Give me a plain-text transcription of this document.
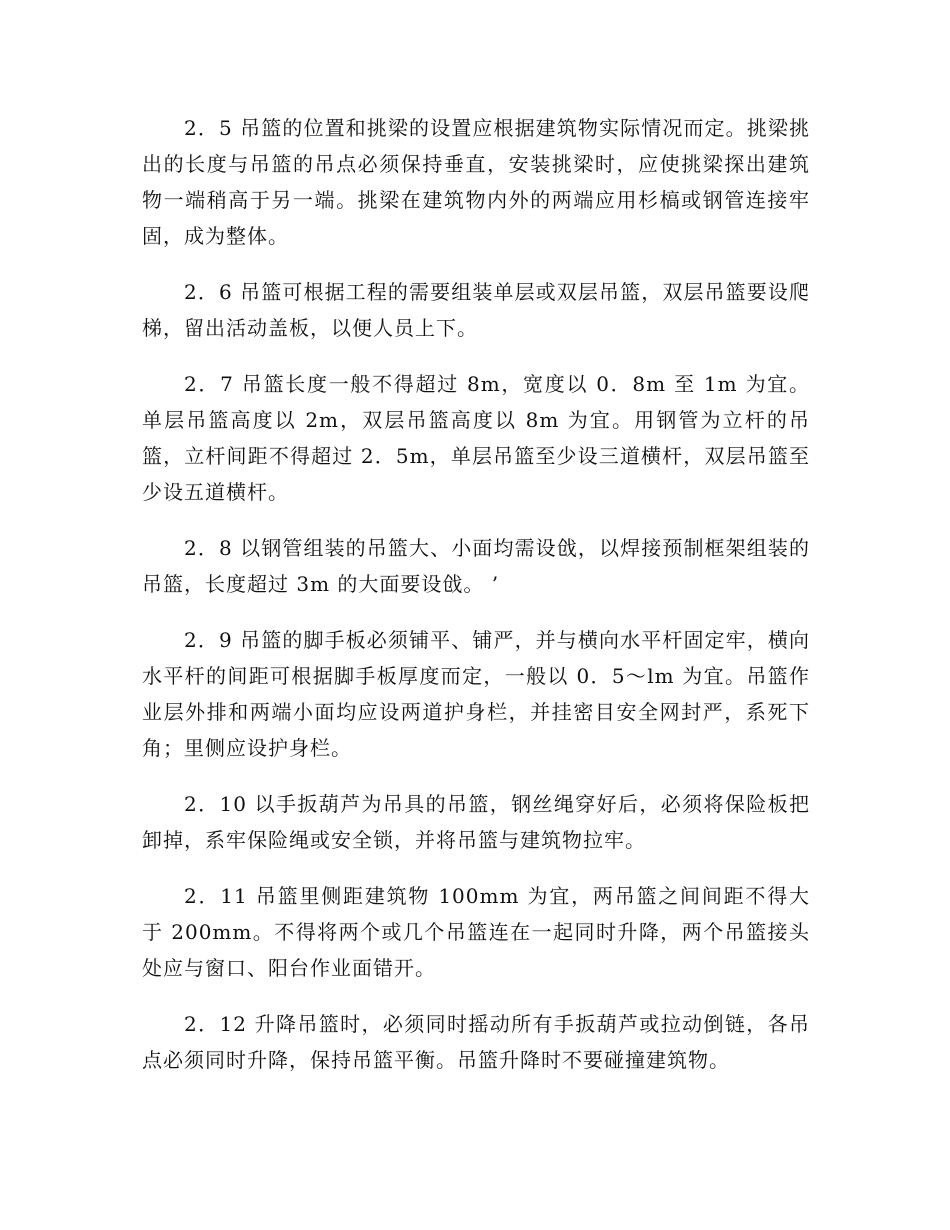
2．5 吊篮的位置和挑梁的设置应根据建筑物实际情况而定。挑梁挑出的长度与吊篮的吊点必须保持垂直，安装挑梁时，应使挑梁探出建筑物一端稍高于另一端。挑梁在建筑物内外的两端应用杉槁或钢管连接牢固，成为整体。

2．6 吊篮可根据工程的需要组装单层或双层吊篮，双层吊篮要设爬梯，留出活动盖板，以便人员上下。

2．7 吊篮长度一般不得超过 8m，宽度以 0．8m 至 1m 为宜。单层吊篮高度以 2m，双层吊篮高度以 8m 为宜。用钢管为立杆的吊篮，立杆间距不得超过 2．5m，单层吊篮至少设三道横杆，双层吊篮至少设五道横杆。

2．8 以钢管组装的吊篮大、小面均需设戗，以焊接预制框架组装的吊篮，长度超过 3m 的大面要设戗。 ’

2．9 吊篮的脚手板必须铺平、铺严，并与横向水平杆固定牢，横向水平杆的间距可根据脚手板厚度而定，一般以 0．5～lm 为宜。吊篮作业层外排和两端小面均应设两道护身栏，并挂密目安全网封严，系死下角；里侧应设护身栏。

2．10 以手扳葫芦为吊具的吊篮，钢丝绳穿好后，必须将保险板把卸掉，系牢保险绳或安全锁，并将吊篮与建筑物拉牢。

2．11 吊篮里侧距建筑物 100mm 为宜，两吊篮之间间距不得大于 200mm。不得将两个或几个吊篮连在一起同时升降，两个吊篮接头处应与窗口、阳台作业面错开。

2．12 升降吊篮时，必须同时摇动所有手扳葫芦或拉动倒链，各吊点必须同时升降，保持吊篮平衡。吊篮升降时不要碰撞建筑物。
